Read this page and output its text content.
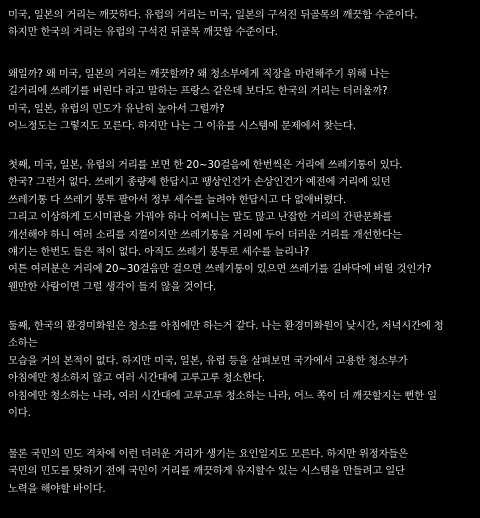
미국, 일본의 거리는 깨끗하다. 유럽의 거리는 미국, 일본의 구석진 뒤골목의 깨끗함 수준이다.
하지만 한국의 거리는 유럽의 구석진 뒤골목 깨끗함 수준이다.
왜일까? 왜 미국, 일본의 거리는 깨끗할까? 왜 청소부에게 직장을 마련해주기 위해 나는
길거리에 쓰레기를 버린다 라고 말하는 프랑스 같은데 보다도 한국의 거리는 더러울까?
미국, 일본, 유럽의 민도가 유난히 높아서 그럴까?
어느정도는 그렇지도 모른다. 하지만 나는 그 이유를 시스템에 문제에서 찾는다.
첫째, 미국, 일본, 유럽의 거리를 보면 한 20~30걸음에 한번씩은 거리에 쓰레기통이 있다.
한국? 그런거 없다. 쓰레기 종량제 한답시고 땡상인건가 손상인건가 예전에 거리에 있던
쓰레기통 다 쓰레기 봉투 팔아서 정부 세수를 늘려야 한답시고 다 없애버렸다.
그리고 이상하게 도시미관을 가꿔야 하나 어쩌니는 말도 많고 난잡한 거리의 간판문화를
개선해야 하니 여러 소리를 지껄이지만 쓰레기통을 거리에 두어 더러운 거리를 개선한다는
얘기는 한번도 들은 적이 없다. 아직도 쓰레기 봉투로 세수를 늘리나?
여튼 여러분은 거리에 20~30걸음만 걸으면 쓰레기통이 있으면 쓰레기를 길바닥에 버릴 것인가?
웬만한 사람이면 그럴 생각이 들지 않을 것이다.
둘째, 한국의 환경미화원은 청소를 아침에만 하는거 같다. 나는 환경미화원이 낮시간, 저녁시간에 청
소하는
모습을 거의 본적이 없다. 하지만 미국, 일본, 유럽 등을 살펴보면 국가에서 고용한 청소부가
아침에만 청소하지 않고 여러 시간대에 고루고루 청소한다.
아침에만 청소하는 나라, 여러 시간대에 고루고루 청소하는 나라, 어느 쪽이 더 깨끗할지는 뻔한 일
이다.
물론 국민의 민도 격차에 이런 더러운 거리가 생기는 요인일지도 모른다. 하지만 위정자들은
국민의 민도를 탓하기 전에 국민이 거리를 깨끗하게 유지할수 있는 시스템을 만들려고 일단
노력을 해야할 바이다.
